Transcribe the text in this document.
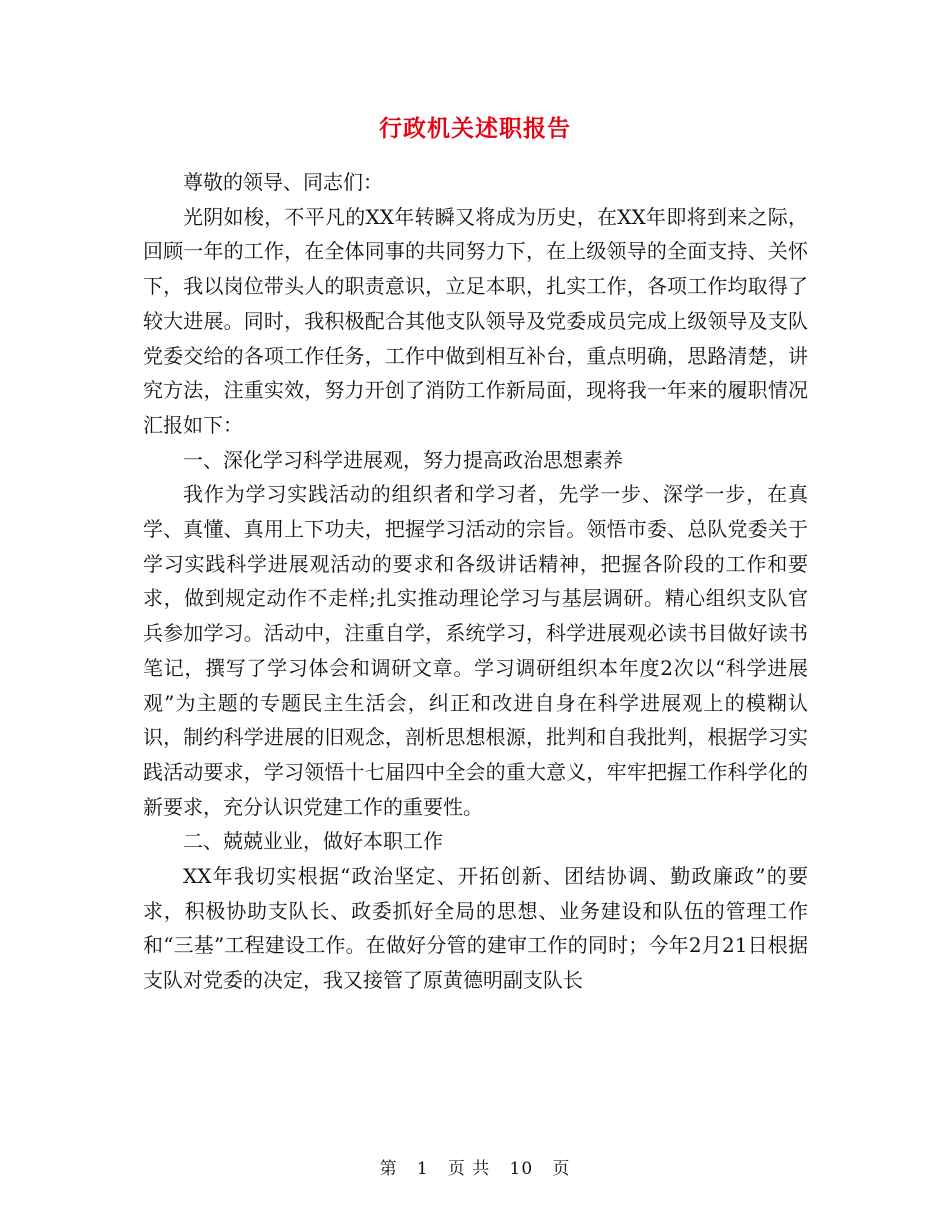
行政机关述职报告

尊敬的领导、同志们：

光阴如梭，不平凡的XX年转瞬又将成为历史，在XX年即将到来之际，回顾一年的工作，在全体同事的共同努力下，在上级领导的全面支持、关怀下，我以岗位带头人的职责意识，立足本职，扎实工作，各项工作均取得了较大进展。同时，我积极配合其他支队领导及党委成员完成上级领导及支队党委交给的各项工作任务，工作中做到相互补台，重点明确，思路清楚，讲究方法，注重实效，努力开创了消防工作新局面，现将我一年来的履职情况汇报如下：

一、深化学习科学进展观，努力提高政治思想素养

我作为学习实践活动的组织者和学习者，先学一步、深学一步，在真学、真懂、真用上下功夫，把握学习活动的宗旨。领悟市委、总队党委关于学习实践科学进展观活动的要求和各级讲话精神，把握各阶段的工作和要求，做到规定动作不走样;扎实推动理论学习与基层调研。精心组织支队官兵参加学习。活动中，注重自学，系统学习，科学进展观必读书目做好读书笔记，撰写了学习体会和调研文章。学习调研组织本年度2次以“科学进展观”为主题的专题民主生活会，纠正和改进自身在科学进展观上的模糊认识，制约科学进展的旧观念，剖析思想根源，批判和自我批判，根据学习实践活动要求，学习领悟十七届四中全会的重大意义，牢牢把握工作科学化的新要求，充分认识党建工作的重要性。

二、兢兢业业，做好本职工作

XX年我切实根据“政治坚定、开拓创新、团结协调、勤政廉政”的要求，积极协助支队长、政委抓好全局的思想、业务建设和队伍的管理工作和“三基”工程建设工作。在做好分管的建审工作的同时；今年2月21日根据支队对党委的决定，我又接管了原黄德明副支队长

第 1 页 共 10 页
